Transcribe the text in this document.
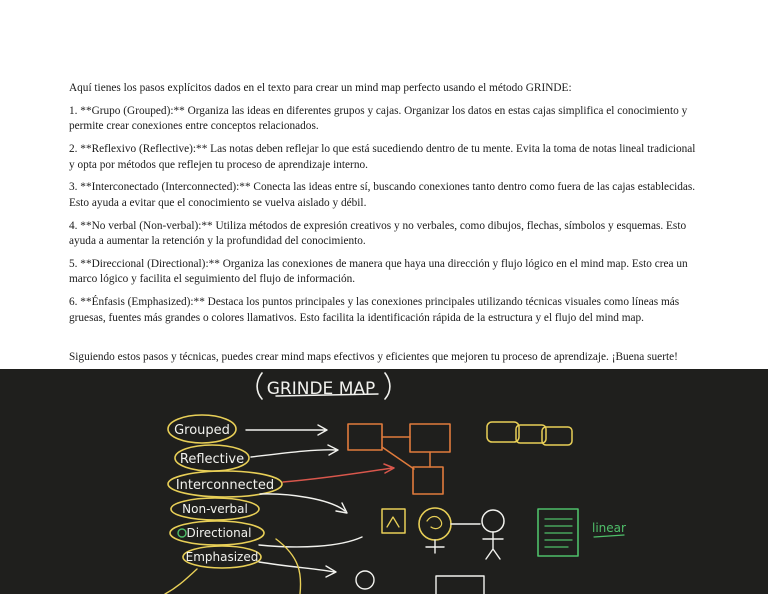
Aquí tienes los pasos explícitos dados en el texto para crear un mind map perfecto usando el método GRINDE:

1. **Grupo (Grouped):** Organiza las ideas en diferentes grupos y cajas. Organizar los datos en estas cajas simplifica el conocimiento y permite crear conexiones entre conceptos relacionados.

2. **Reflexivo (Reflective):** Las notas deben reflejar lo que está sucediendo dentro de tu mente. Evita la toma de notas lineal tradicional y opta por métodos que reflejen tu proceso de aprendizaje interno.

3. **Interconectado (Interconnected):** Conecta las ideas entre sí, buscando conexiones tanto dentro como fuera de las cajas establecidas. Esto ayuda a evitar que el conocimiento se vuelva aislado y débil.

4. **No verbal (Non-verbal):** Utiliza métodos de expresión creativos y no verbales, como dibujos, flechas, símbolos y esquemas. Esto ayuda a aumentar la retención y la profundidad del conocimiento.

5. **Direccional (Directional):** Organiza las conexiones de manera que haya una dirección y flujo lógico en el mind map. Esto crea un marco lógico y facilita el seguimiento del flujo de información.

6. **Énfasis (Emphasized):** Destaca los puntos principales y las conexiones principales utilizando técnicas visuales como líneas más gruesas, fuentes más grandes o colores llamativos. Esto facilita la identificación rápida de la estructura y el flujo del mind map.

Siguiendo estos pasos y técnicas, puedes crear mind maps efectivos y eficientes que mejoren tu proceso de aprendizaje. ¡Buena suerte!

GRINDE MAP
Grouped
Reflective
Interconnected
Non-verbal
Directional
Emphasized
linear
